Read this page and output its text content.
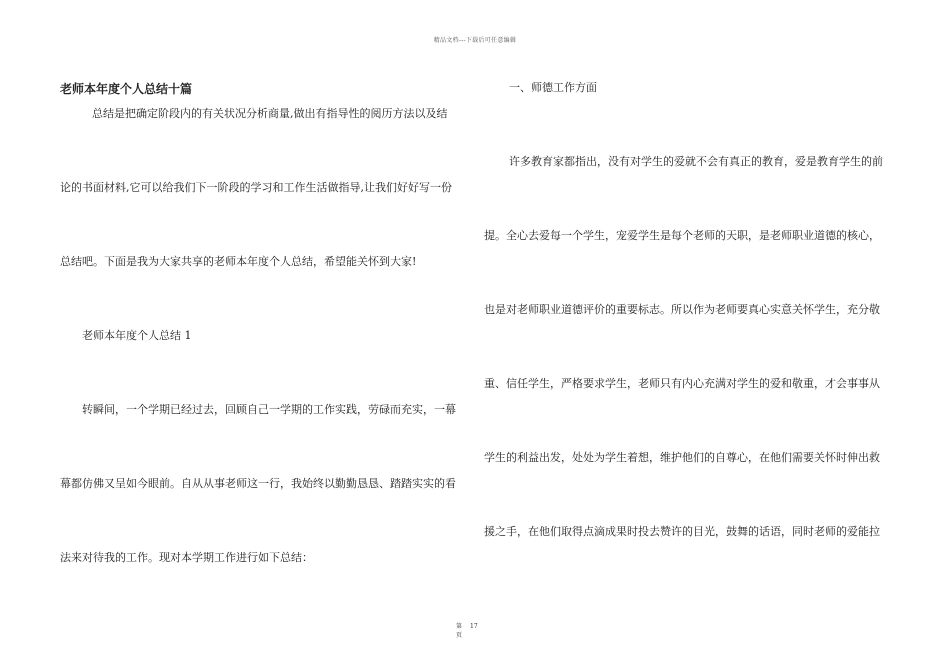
精品文档---下载后可任意编辑
老师本年度个人总结十篇
总结是把确定阶段内的有关状况分析商量,做出有指导性的阅历方法以及结
论的书面材料,它可以给我们下一阶段的学习和工作生活做指导,让我们好好写一份
总结吧。下面是我为大家共享的老师本年度个人总结，希望能关怀到大家!
老师本年度个人总结 1
转瞬间，一个学期已经过去，回顾自己一学期的工作实践，劳碌而充实，一幕
幕都仿佛又呈如今眼前。自从从事老师这一行，我始终以勤勤恳恳、踏踏实实的看
法来对待我的工作。现对本学期工作进行如下总结：
一、师德工作方面
许多教育家都指出，没有对学生的爱就不会有真正的教育，爱是教育学生的前
提。全心去爱每一个学生，宠爱学生是每个老师的天职，是老师职业道德的核心，
也是对老师职业道德评价的重要标志。所以作为老师要真心实意关怀学生，充分敬
重、信任学生，严格要求学生，老师只有内心充满对学生的爱和敬重，才会事事从
学生的利益出发，处处为学生着想，维护他们的自尊心，在他们需要关怀时伸出救
援之手，在他们取得点滴成果时投去赞许的目光，鼓舞的话语，同时老师的爱能拉
第
页
17
